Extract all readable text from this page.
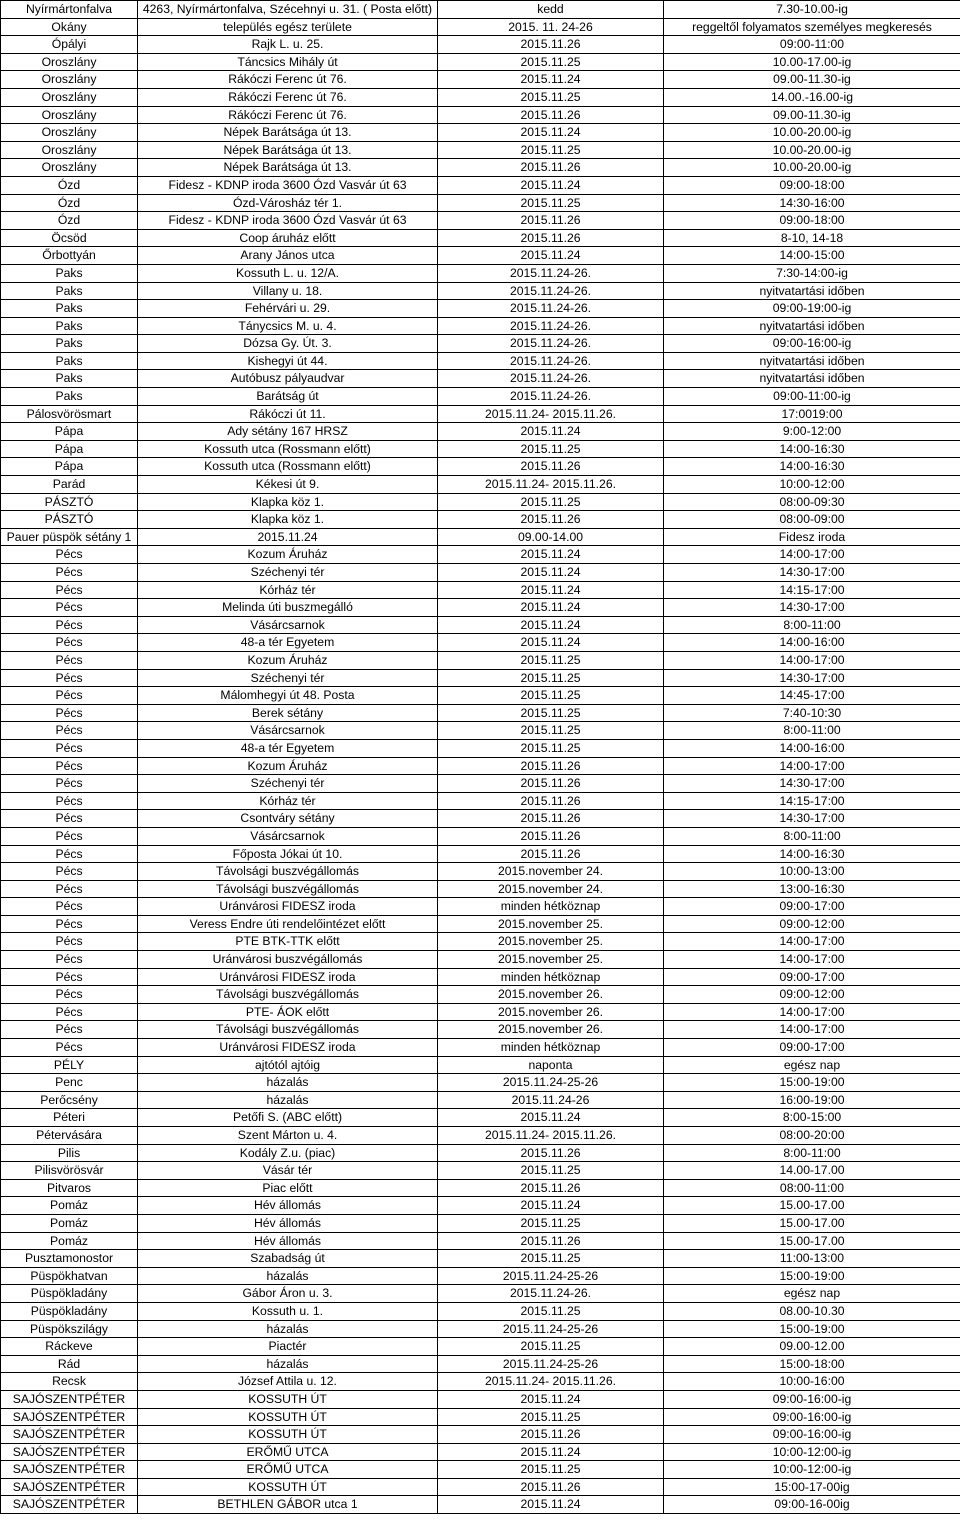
Nyírmártonfalva	4263, Nyírmártonfalva, Szécehnyi u. 31. ( Posta előtt)	kedd	7.30-10.00-ig
Okány	település egész területe	2015. 11. 24-26	reggeltől folyamatos személyes megkeresés
Ópályi	Rajk L. u. 25.	2015.11.26	09:00-11:00
Oroszlány	Táncsics Mihály út	2015.11.25	10.00-17.00-ig
Oroszlány	Rákóczi Ferenc út 76.	2015.11.24	09.00-11.30-ig
Oroszlány	Rákóczi Ferenc út 76.	2015.11.25	14.00.-16.00-ig
Oroszlány	Rákóczi Ferenc út 76.	2015.11.26	09.00-11.30-ig
Oroszlány	Népek Barátsága út 13.	2015.11.24	10.00-20.00-ig
Oroszlány	Népek Barátsága út 13.	2015.11.25	10.00-20.00-ig
Oroszlány	Népek Barátsága út 13.	2015.11.26	10.00-20.00-ig
Ózd	Fidesz - KDNP iroda 3600 Ózd Vasvár út 63	2015.11.24	09:00-18:00
Ózd	Ózd-Városház tér 1.	2015.11.25	14:30-16:00
Ózd	Fidesz - KDNP iroda 3600 Ózd Vasvár út 63	2015.11.26	09:00-18:00
Öcsöd	Coop áruház előtt	2015.11.26	8-10, 14-18
Őrbottyán	Arany János utca	2015.11.24	14:00-15:00
Paks	Kossuth L. u. 12/A.	2015.11.24-26.	7:30-14:00-ig
Paks	Villany u. 18.	2015.11.24-26.	nyitvatartási időben
Paks	Fehérvári u. 29.	2015.11.24-26.	09:00-19:00-ig
Paks	Tánycsics M. u. 4.	2015.11.24-26.	nyitvatartási időben
Paks	Dózsa Gy. Út. 3.	2015.11.24-26.	09:00-16:00-ig
Paks	Kishegyi út 44.	2015.11.24-26.	nyitvatartási időben
Paks	Autóbusz pályaudvar	2015.11.24-26.	nyitvatartási időben
Paks	Barátság út	2015.11.24-26.	09:00-11:00-ig
Pálosvörösmart	Rákóczi út 11.	2015.11.24- 2015.11.26.	17:0019:00
Pápa	Ady sétány 167 HRSZ	2015.11.24	9:00-12:00
Pápa	Kossuth utca (Rossmann előtt)	2015.11.25	14:00-16:30
Pápa	Kossuth utca (Rossmann előtt)	2015.11.26	14:00-16:30
Parád	Kékesi út 9.	2015.11.24- 2015.11.26.	10:00-12:00
PÁSZTÓ	Klapka köz 1.	2015.11.25	08:00-09:30
PÁSZTÓ	Klapka köz 1.	2015.11.26	08:00-09:00
Pauer püspök sétány 1	2015.11.24	09.00-14.00	Fidesz iroda
Pécs	Kozum Áruház	2015.11.24	14:00-17:00
Pécs	Széchenyi tér	2015.11.24	14:30-17:00
Pécs	Kórház tér	2015.11.24	14:15-17:00
Pécs	Melinda úti buszmegálló	2015.11.24	14:30-17:00
Pécs	Vásárcsarnok	2015.11.24	8:00-11:00
Pécs	48-a tér Egyetem	2015.11.24	14:00-16:00
Pécs	Kozum Áruház	2015.11.25	14:00-17:00
Pécs	Széchenyi tér	2015.11.25	14:30-17:00
Pécs	Málomhegyi út 48. Posta	2015.11.25	14:45-17:00
Pécs	Berek sétány	2015.11.25	7:40-10:30
Pécs	Vásárcsarnok	2015.11.25	8:00-11:00
Pécs	48-a tér Egyetem	2015.11.25	14:00-16:00
Pécs	Kozum Áruház	2015.11.26	14:00-17:00
Pécs	Széchenyi tér	2015.11.26	14:30-17:00
Pécs	Kórház tér	2015.11.26	14:15-17:00
Pécs	Csontváry sétány	2015.11.26	14:30-17:00
Pécs	Vásárcsarnok	2015.11.26	8:00-11:00
Pécs	Főposta Jókai út 10.	2015.11.26	14:00-16:30
Pécs	Távolsági buszvégállomás	2015.november 24.	10:00-13:00
Pécs	Távolsági buszvégállomás	2015.november 24.	13:00-16:30
Pécs	Uránvárosi FIDESZ iroda	minden hétköznap	09:00-17:00
Pécs	Veress Endre úti rendelőintézet előtt	2015.november 25.	09:00-12:00
Pécs	PTE BTK-TTK előtt	2015.november 25.	14:00-17:00
Pécs	Uránvárosi buszvégállomás	2015.november 25.	14:00-17:00
Pécs	Uránvárosi FIDESZ iroda	minden hétköznap	09:00-17:00
Pécs	Távolsági buszvégállomás	2015.november 26.	09:00-12:00
Pécs	PTE- ÁOK előtt	2015.november 26.	14:00-17:00
Pécs	Távolsági buszvégállomás	2015.november 26.	14:00-17:00
Pécs	Uránvárosi FIDESZ iroda	minden hétköznap	09:00-17:00
PÉLY	ajtótól ajtóig	naponta	egész nap
Penc	házalás	2015.11.24-25-26	15:00-19:00
Perőcsény	házalás	2015.11.24-26	16:00-19:00
Péteri	Petőfi S. (ABC előtt)	2015.11.24	8:00-15:00
Pétervására	Szent Márton u. 4.	2015.11.24- 2015.11.26.	08:00-20:00
Pilis	Kodály Z.u. (piac)	2015.11.26	8:00-11:00
Pilisvörösvár	Vásár tér	2015.11.25	14.00-17.00
Pitvaros	Piac előtt	2015.11.26	08:00-11:00
Pomáz	Hév állomás	2015.11.24	15.00-17.00
Pomáz	Hév állomás	2015.11.25	15.00-17.00
Pomáz	Hév állomás	2015.11.26	15.00-17.00
Pusztamonostor	Szabadság út	2015.11.25	11:00-13:00
Püspökhatvan	házalás	2015.11.24-25-26	15:00-19:00
Püspökladány	Gábor Áron u. 3.	2015.11.24-26.	egész nap
Püspökladány	Kossuth u. 1.	2015.11.25	08.00-10.30
Püspökszilágy	házalás	2015.11.24-25-26	15:00-19:00
Ráckeve	Piactér	2015.11.25	09.00-12.00
Rád	házalás	2015.11.24-25-26	15:00-18:00
Recsk	József Attila u. 12.	2015.11.24- 2015.11.26.	10:00-16:00
SAJÓSZENTPÉTER	KOSSUTH ÚT	2015.11.24	09:00-16:00-ig
SAJÓSZENTPÉTER	KOSSUTH ÚT	2015.11.25	09:00-16:00-ig
SAJÓSZENTPÉTER	KOSSUTH ÚT	2015.11.26	09:00-16:00-ig
SAJÓSZENTPÉTER	ERŐMŰ UTCA	2015.11.24	10:00-12:00-ig
SAJÓSZENTPÉTER	ERŐMŰ UTCA	2015.11.25	10:00-12:00-ig
SAJÓSZENTPÉTER	KOSSUTH ÚT	2015.11.26	15:00-17-00ig
SAJÓSZENTPÉTER	BETHLEN GÁBOR utca 1	2015.11.24	09:00-16-00ig
